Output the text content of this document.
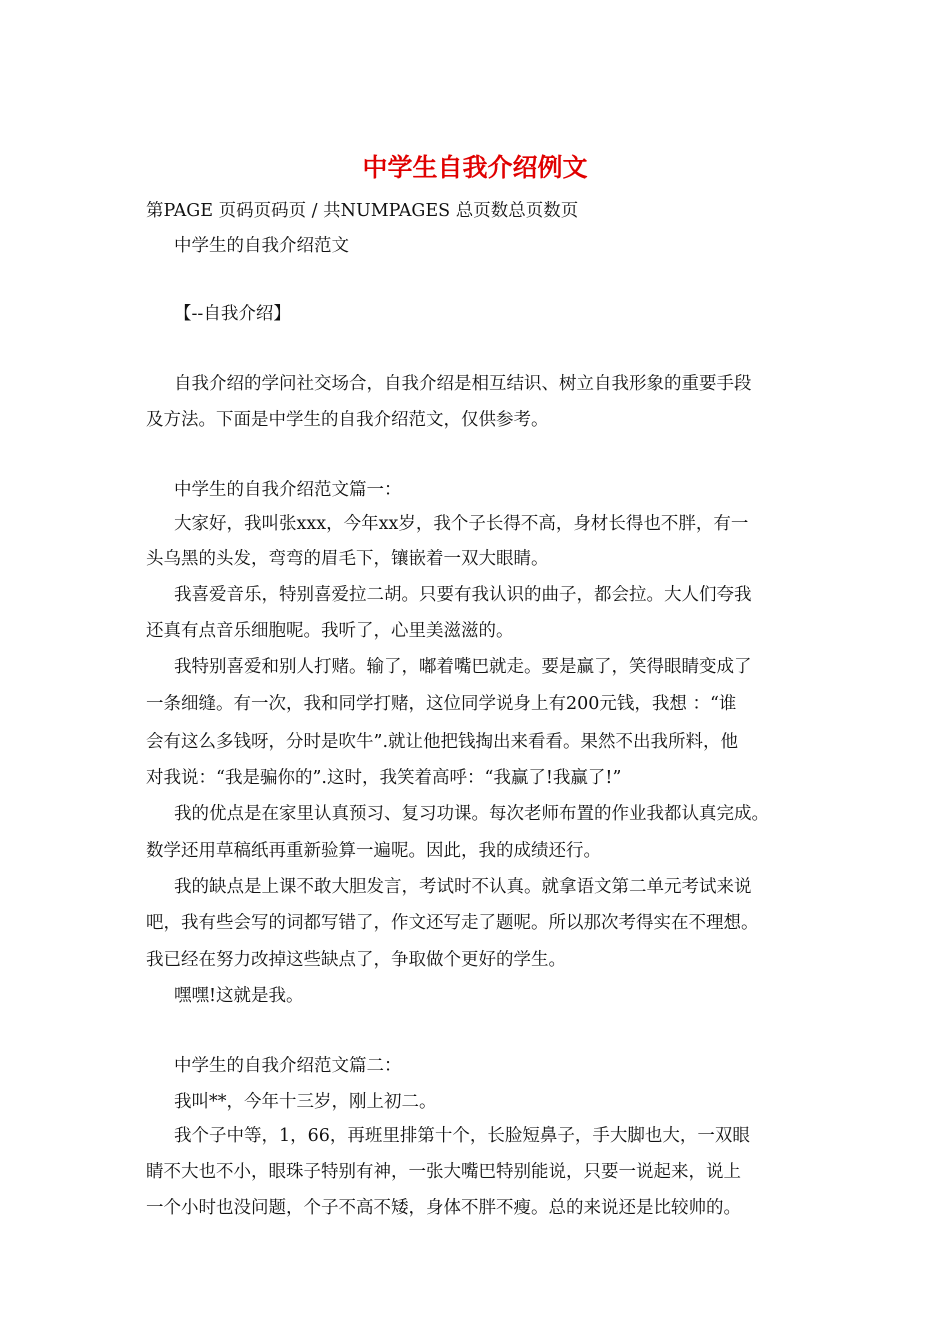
中学生自我介绍例文
第PAGE 页码页码页 / 共NUMPAGES 总页数总页数页
中学生的自我介绍范文
【--自我介绍】
自我介绍的学问社交场合，自我介绍是相互结识、树立自我形象的重要手段
及方法。下面是中学生的自我介绍范文，仅供参考。
中学生的自我介绍范文篇一：
大家好，我叫张xxx，今年xx岁，我个子长得不高，身材长得也不胖，有一
头乌黑的头发，弯弯的眉毛下，镶嵌着一双大眼睛。
我喜爱音乐，特别喜爱拉二胡。只要有我认识的曲子，都会拉。大人们夸我
还真有点音乐细胞呢。我听了，心里美滋滋的。
我特别喜爱和别人打赌。输了，嘟着嘴巴就走。要是赢了，笑得眼睛变成了
一条细缝。有一次，我和同学打赌，这位同学说身上有200元钱，我想 ：“谁
会有这么多钱呀，分时是吹牛”.就让他把钱掏出来看看。果然不出我所料，他
对我说：“我是骗你的”.这时，我笑着高呼：“我赢了!我赢了!”
我的优点是在家里认真预习、复习功课。每次老师布置的作业我都认真完成。
数学还用草稿纸再重新验算一遍呢。因此，我的成绩还行。
我的缺点是上课不敢大胆发言，考试时不认真。就拿语文第二单元考试来说
吧，我有些会写的词都写错了，作文还写走了题呢。所以那次考得实在不理想。
我已经在努力改掉这些缺点了，争取做个更好的学生。
嘿嘿!这就是我。
中学生的自我介绍范文篇二：
我叫**，今年十三岁，刚上初二。
我个子中等，1，66，再班里排第十个，长脸短鼻子，手大脚也大，一双眼
睛不大也不小，眼珠子特别有神，一张大嘴巴特别能说，只要一说起来，说上
一个小时也没问题，个子不高不矮，身体不胖不瘦。总的来说还是比较帅的。
